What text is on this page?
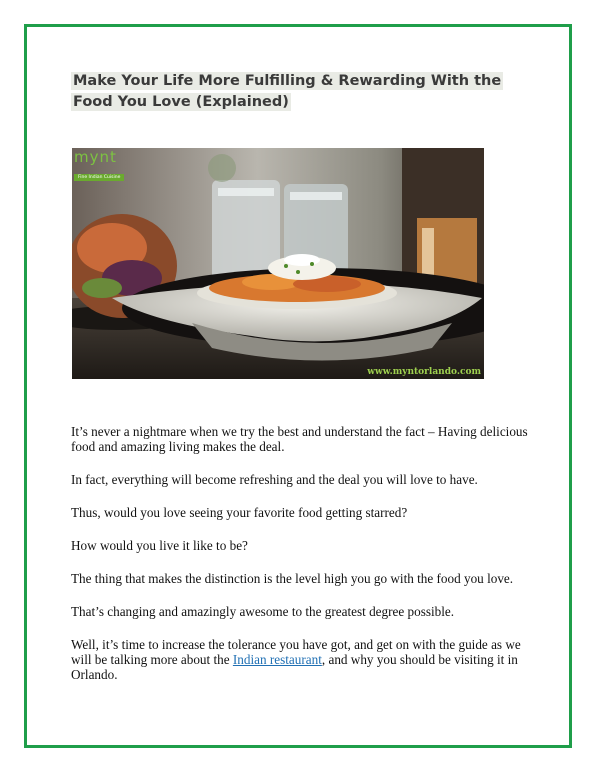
Make Your Life More Fulfilling & Rewarding With the Food You Love (Explained)
mynt
Fine Indian Cuisine
www.myntorlando.com

It’s never a nightmare when we try the best and understand the fact – Having delicious food and amazing living makes the deal.

In fact, everything will become refreshing and the deal you will love to have.

Thus, would you love seeing your favorite food getting starred?

How would you live it like to be?

The thing that makes the distinction is the level high you go with the food you love.

That’s changing and amazingly awesome to the greatest degree possible.

Well, it’s time to increase the tolerance you have got, and get on with the guide as we will be talking more about the Indian restaurant, and why you should be visiting it in Orlando.
